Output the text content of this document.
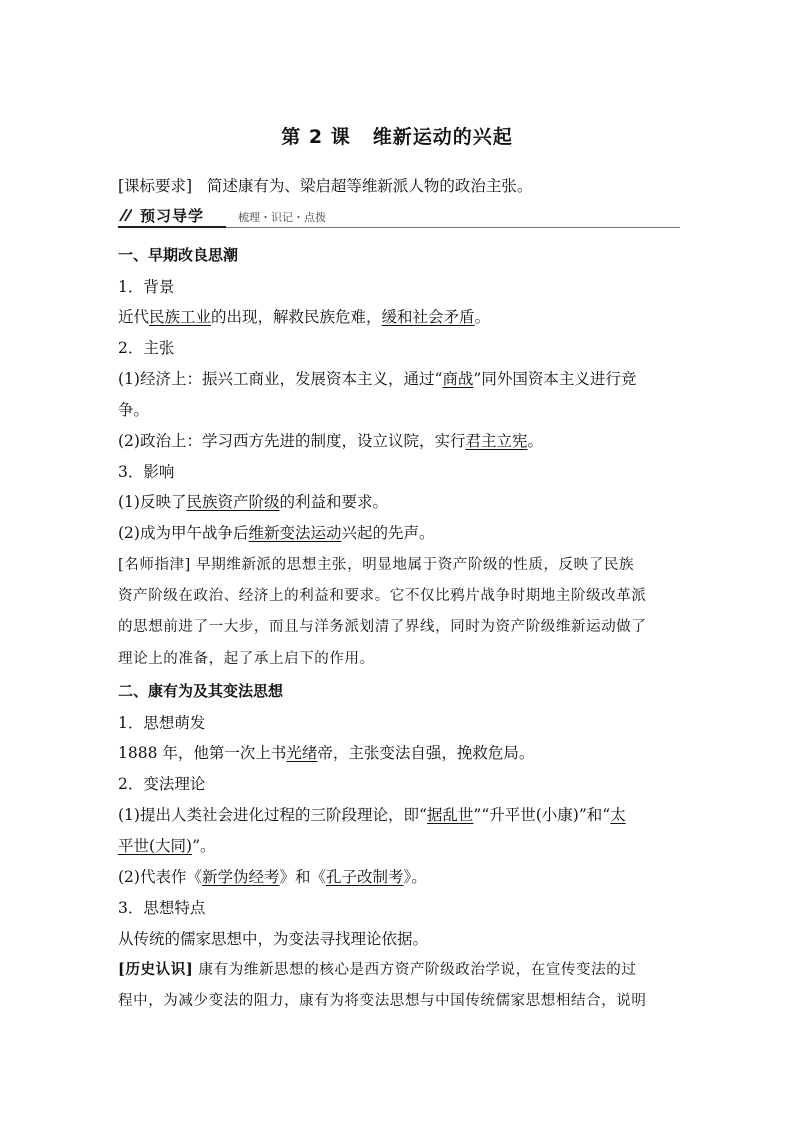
第 2 课 维新运动的兴起
[课标要求] 简述康有为、梁启超等维新派人物的政治主张。
预习导学	梳理・识记・点拨
一、早期改良思潮
1．背景
近代民族工业的出现，解救民族危难，缓和社会矛盾。
2．主张
(1)经济上：振兴工商业，发展资本主义，通过“商战”同外国资本主义进行竞
争。
(2)政治上：学习西方先进的制度，设立议院，实行君主立宪。
3．影响
(1)反映了民族资产阶级的利益和要求。
(2)成为甲午战争后维新变法运动兴起的先声。
[名师指津] 早期维新派的思想主张，明显地属于资产阶级的性质，反映了民族
资产阶级在政治、经济上的利益和要求。它不仅比鸦片战争时期地主阶级改革派
的思想前进了一大步，而且与洋务派划清了界线，同时为资产阶级维新运动做了
理论上的准备，起了承上启下的作用。
二、康有为及其变法思想
1．思想萌发
1888 年，他第一次上书光绪帝，主张变法自强，挽救危局。
2．变法理论
(1)提出人类社会进化过程的三阶段理论，即“据乱世”“升平世(小康)”和“太
平世(大同)”。
(2)代表作《新学伪经考》和《孔子改制考》。
3．思想特点
从传统的儒家思想中，为变法寻找理论依据。
[历史认识] 康有为维新思想的核心是西方资产阶级政治学说，在宣传变法的过
程中，为减少变法的阻力，康有为将变法思想与中国传统儒家思想相结合，说明
